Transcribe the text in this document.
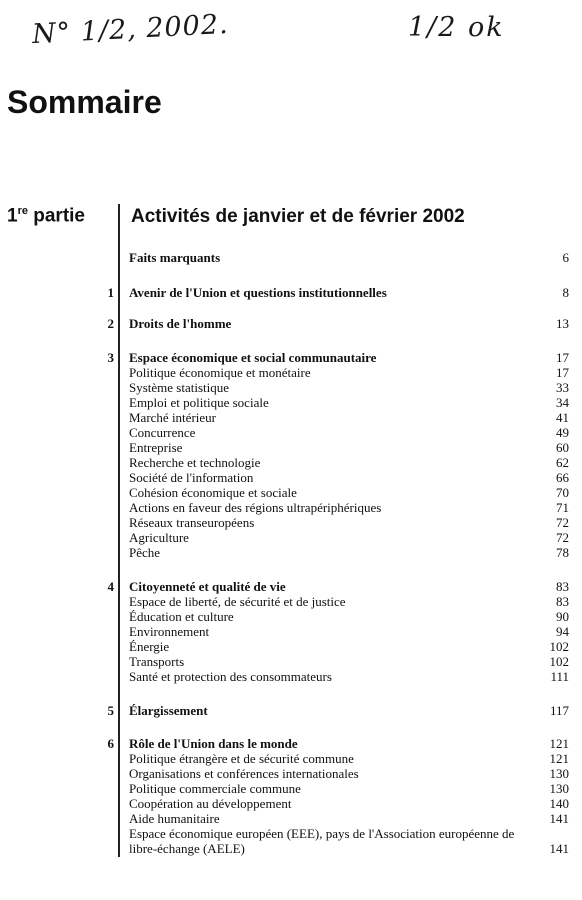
N° 1/2, 2002.	1/2 ok
Sommaire
1re partie Activités de janvier et de février 2002
Faits marquants	6
1 Avenir de l'Union et questions institutionnelles	8
2 Droits de l'homme	13
3 Espace économique et social communautaire	17
Politique économique et monétaire	17
Système statistique	33
Emploi et politique sociale	34
Marché intérieur	41
Concurrence	49
Entreprise	60
Recherche et technologie	62
Société de l'information	66
Cohésion économique et sociale	70
Actions en faveur des régions ultrapériphériques	71
Réseaux transeuropéens	72
Agriculture	72
Pêche	78
4 Citoyenneté et qualité de vie	83
Espace de liberté, de sécurité et de justice	83
Éducation et culture	90
Environnement	94
Énergie	102
Transports	102
Santé et protection des consommateurs	111
5 Élargissement	117
6 Rôle de l'Union dans le monde	121
Politique étrangère et de sécurité commune	121
Organisations et conférences internationales	130
Politique commerciale commune	130
Coopération au développement	140
Aide humanitaire	141
Espace économique européen (EEE), pays de l'Association européenne de libre-échange (AELE)	141
